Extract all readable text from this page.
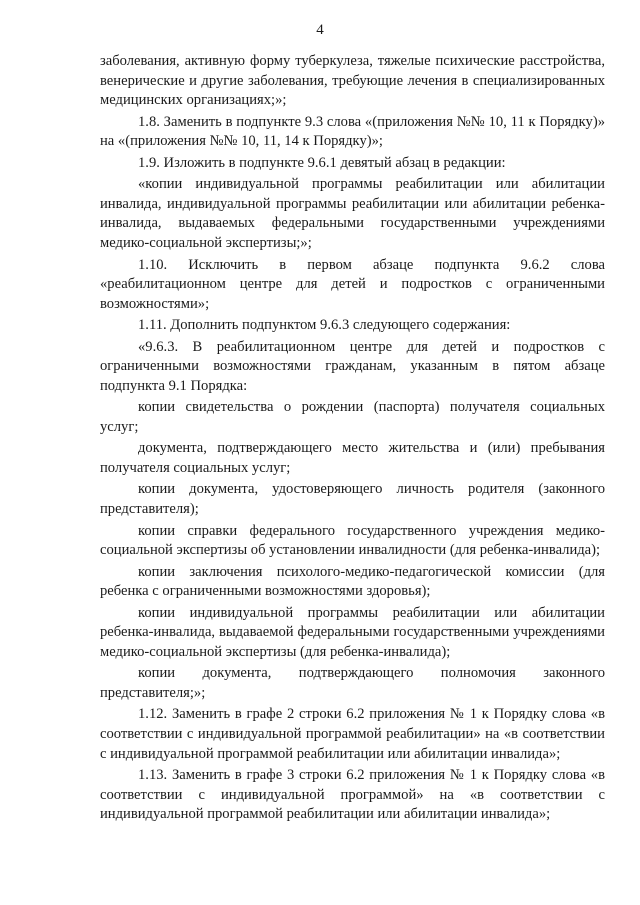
4

заболевания, активную форму туберкулеза, тяжелые психические расстройства, венерические и другие заболевания, требующие лечения в специализированных медицинских организациях;»;

1.8. Заменить в подпункте 9.3 слова «(приложения №№ 10, 11 к Порядку)» на «(приложения №№ 10, 11, 14 к Порядку)»;

1.9. Изложить в подпункте 9.6.1 девятый абзац в редакции:

«копии индивидуальной программы реабилитации или абилитации инвалида, индивидуальной программы реабилитации или абилитации ребенка-инвалида, выдаваемых федеральными государственными учреждениями медико-социальной экспертизы;»;

1.10. Исключить в первом абзаце подпункта 9.6.2 слова «реабилитационном центре для детей и подростков с ограниченными возможностями»;

1.11. Дополнить подпунктом 9.6.3 следующего содержания:

«9.6.3. В реабилитационном центре для детей и подростков с ограниченными возможностями гражданам, указанным в пятом абзаце подпункта 9.1 Порядка:

копии свидетельства о рождении (паспорта) получателя социальных услуг;

документа, подтверждающего место жительства и (или) пребывания получателя социальных услуг;

копии документа, удостоверяющего личность родителя (законного представителя);

копии справки федерального государственного учреждения медико-социальной экспертизы об установлении инвалидности (для ребенка-инвалида);

копии заключения психолого-медико-педагогической комиссии (для ребенка с ограниченными возможностями здоровья);

копии индивидуальной программы реабилитации или абилитации ребенка-инвалида, выдаваемой федеральными государственными учреждениями медико-социальной экспертизы (для ребенка-инвалида);

копии документа, подтверждающего полномочия законного представителя;»;

1.12. Заменить в графе 2 строки 6.2 приложения № 1 к Порядку слова «в соответствии с индивидуальной программой реабилитации» на «в соответствии с индивидуальной программой реабилитации или абилитации инвалида»;

1.13. Заменить в графе 3 строки 6.2 приложения № 1 к Порядку слова «в соответствии с индивидуальной программой» на «в соответствии с индивидуальной программой реабилитации или абилитации инвалида»;
